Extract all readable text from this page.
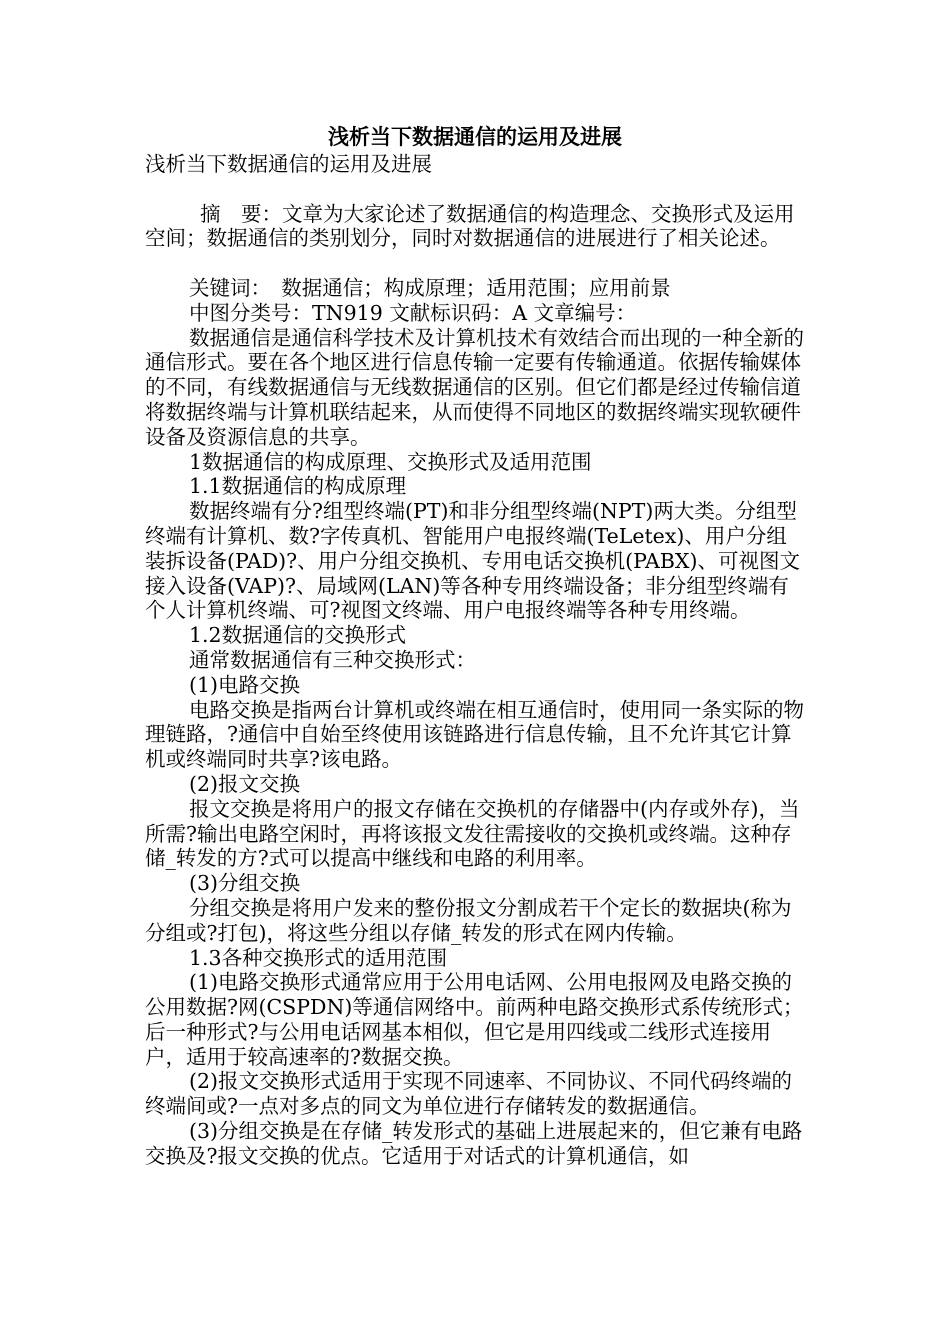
浅析当下数据通信的运用及进展

浅析当下数据通信的运用及进展

摘　要：文章为大家论述了数据通信的构造理念、交换形式及运用空间；数据通信的类别划分，同时对数据通信的进展进行了相关论述。

关键词：　数据通信；构成原理；适用范围；应用前景

中图分类号：TN919 文献标识码：A 文章编号：

数据通信是通信科学技术及计算机技术有效结合而出现的一种全新的通信形式。要在各个地区进行信息传输一定要有传输通道。依据传输媒体的不同，有线数据通信与无线数据通信的区别。但它们都是经过传输信道将数据终端与计算机联结起来，从而使得不同地区的数据终端实现软硬件设备及资源信息的共享。

1数据通信的构成原理、交换形式及适用范围

1.1数据通信的构成原理

数据终端有分?组型终端(PT)和非分组型终端(NPT)两大类。分组型终端有计算机、数?字传真机、智能用户电报终端(TeLetex)、用户分组装拆设备(PAD)?、用户分组交换机、专用电话交换机(PABX)、可视图文接入设备(VAP)?、局域网(LAN)等各种专用终端设备；非分组型终端有个人计算机终端、可?视图文终端、用户电报终端等各种专用终端。

1.2数据通信的交换形式

通常数据通信有三种交换形式：

(1)电路交换

电路交换是指两台计算机或终端在相互通信时，使用同一条实际的物理链路，?通信中自始至终使用该链路进行信息传输，且不允许其它计算机或终端同时共享?该电路。

(2)报文交换

报文交换是将用户的报文存储在交换机的存储器中(内存或外存)，当所需?输出电路空闲时，再将该报文发往需接收的交换机或终端。这种存储_转发的方?式可以提高中继线和电路的利用率。

(3)分组交换

分组交换是将用户发来的整份报文分割成若干个定长的数据块(称为分组或?打包)，将这些分组以存储_转发的形式在网内传输。

1.3各种交换形式的适用范围

(1)电路交换形式通常应用于公用电话网、公用电报网及电路交换的公用数据?网(CSPDN)等通信网络中。前两种电路交换形式系传统形式；后一种形式?与公用电话网基本相似，但它是用四线或二线形式连接用户，适用于较高速率的?数据交换。

(2)报文交换形式适用于实现不同速率、不同协议、不同代码终端的终端间或?一点对多点的同文为单位进行存储转发的数据通信。

(3)分组交换是在存储_转发形式的基础上进展起来的，但它兼有电路交换及?报文交换的优点。它适用于对话式的计算机通信，如
